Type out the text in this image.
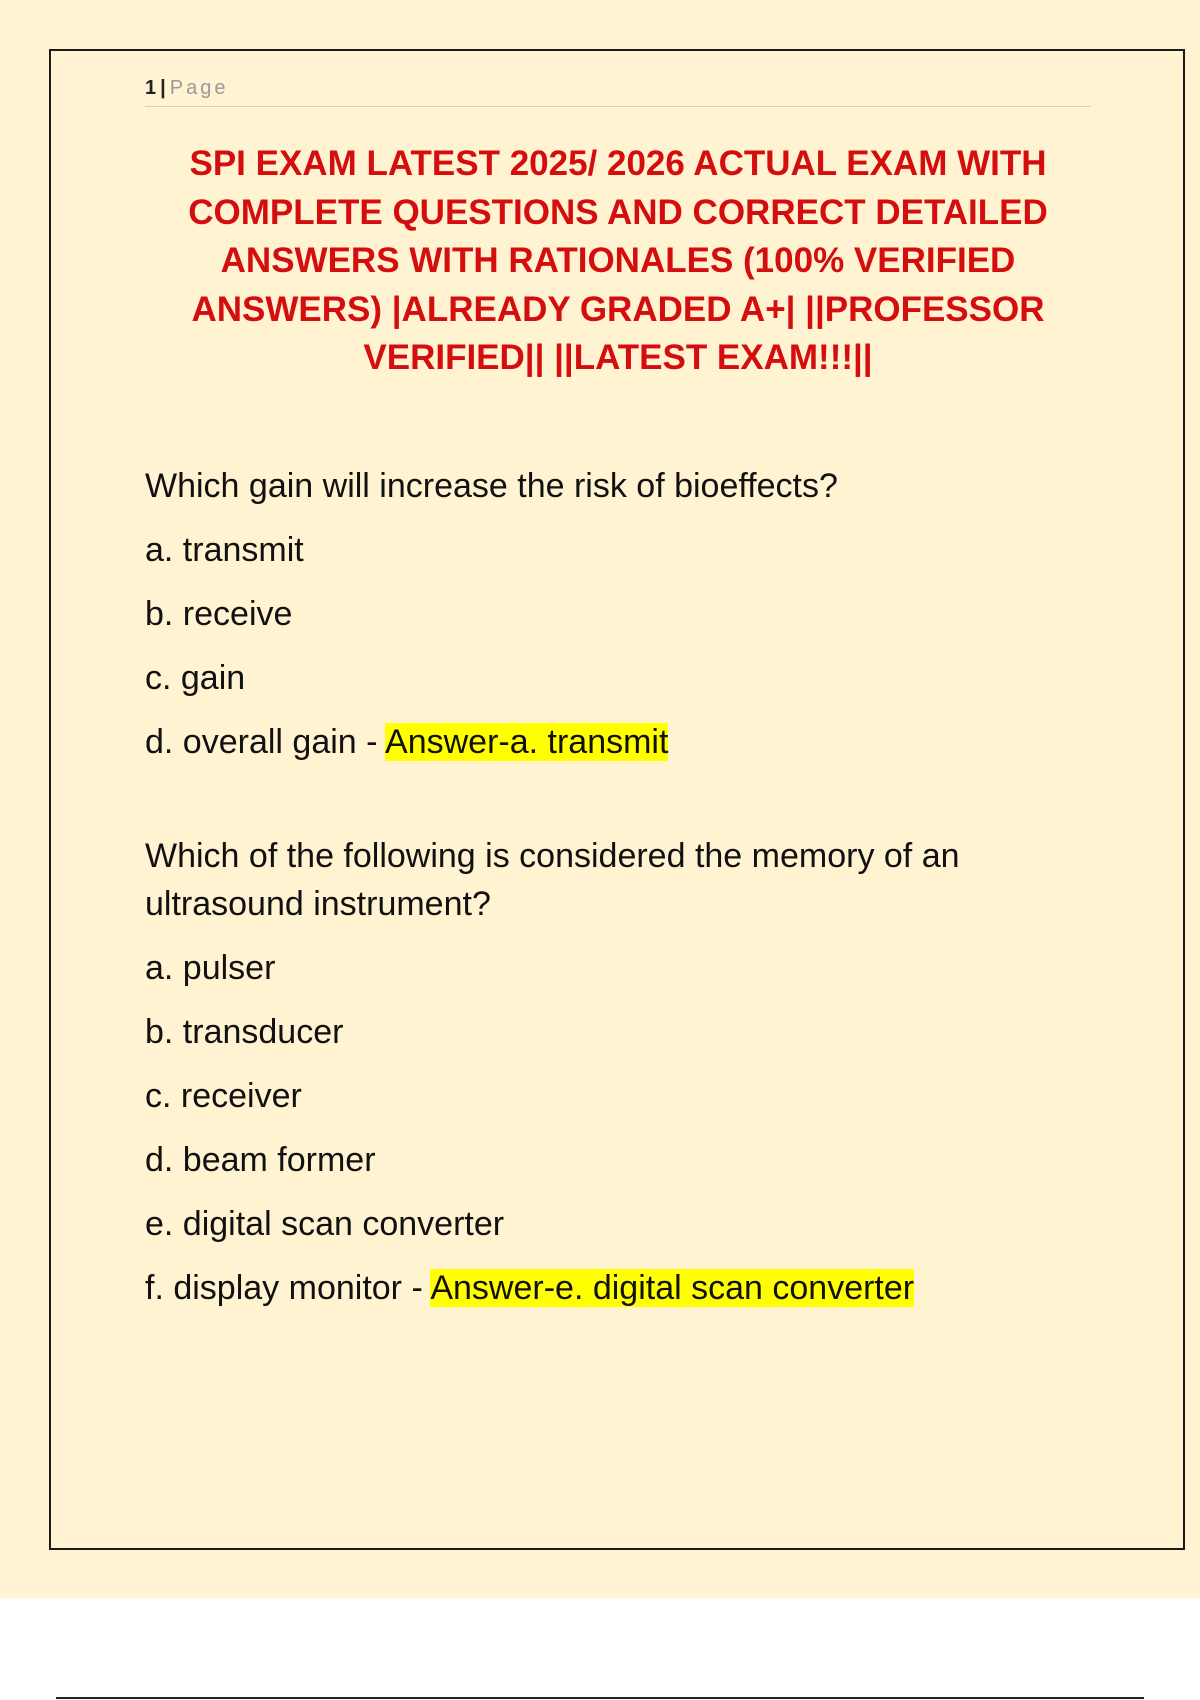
1 | Page
SPI EXAM LATEST 2025/ 2026 ACTUAL EXAM WITH
COMPLETE QUESTIONS AND CORRECT DETAILED
ANSWERS WITH RATIONALES (100% VERIFIED
ANSWERS) |ALREADY GRADED A+| ||PROFESSOR
VERIFIED|| ||LATEST EXAM!!!||

Which gain will increase the risk of bioeffects?

a. transmit

b. receive

c. gain

d. overall gain - Answer-a. transmit

Which of the following is considered the memory of an
ultrasound instrument?

a. pulser

b. transducer

c. receiver

d. beam former

e. digital scan converter

f. display monitor - Answer-e. digital scan converter
